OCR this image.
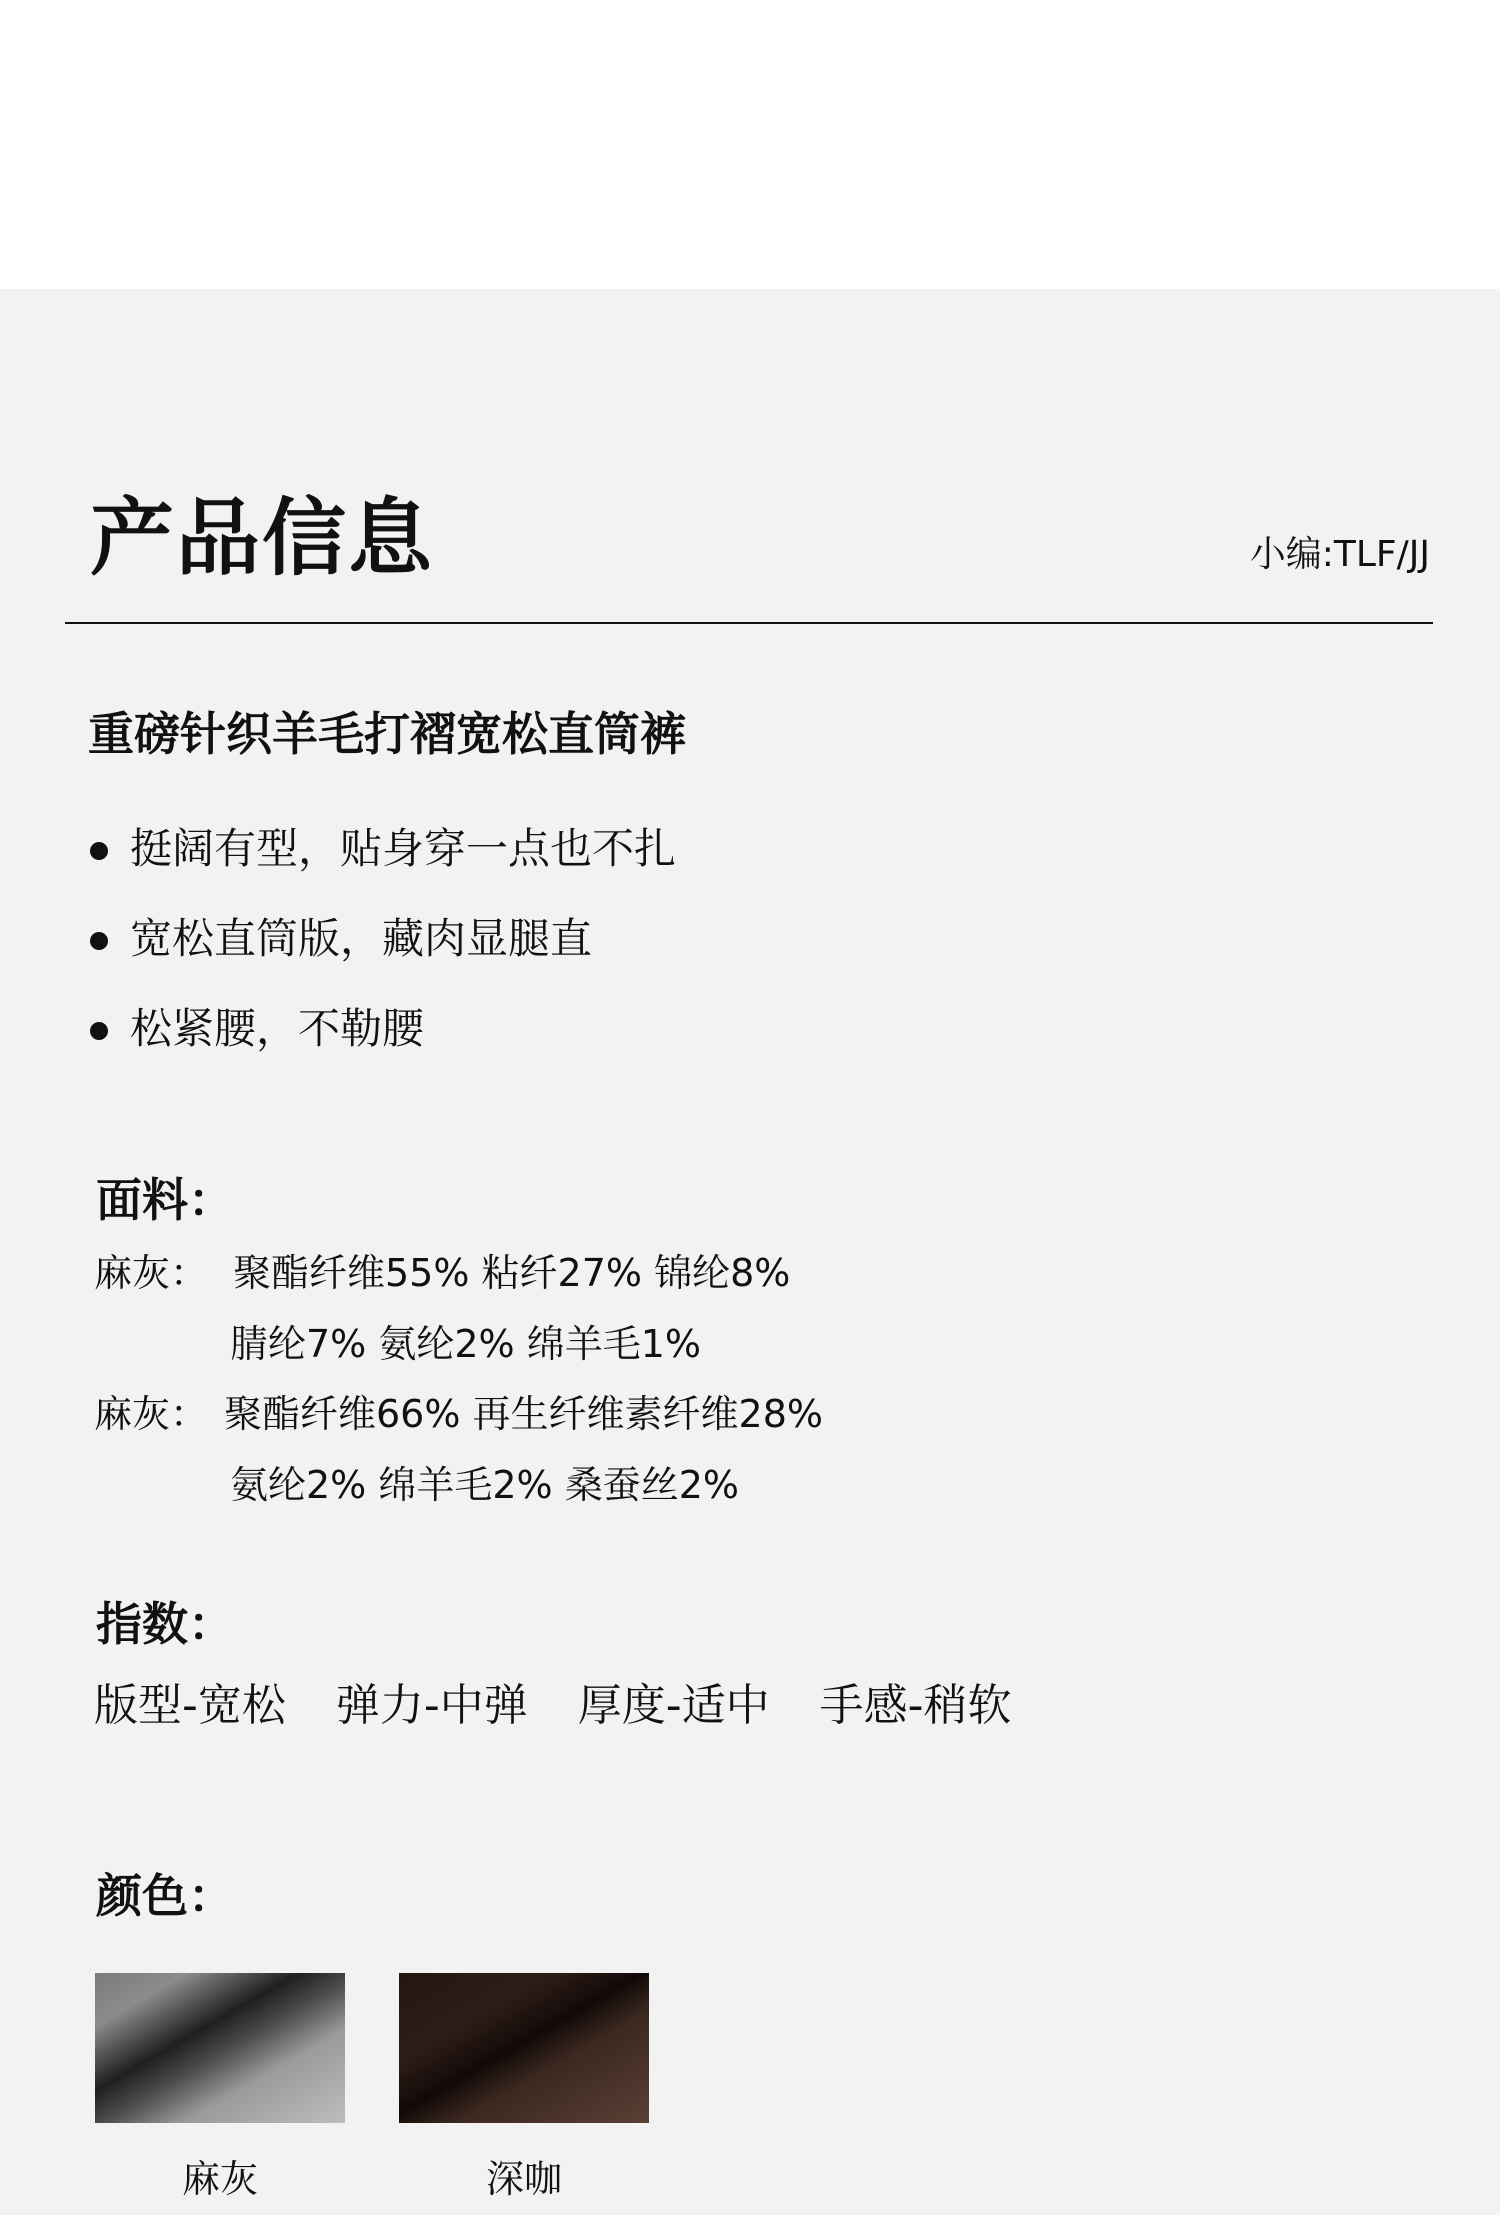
产品信息	小编:TLF/JJ
重磅针织羊毛打褶宽松直筒裤
挺阔有型，贴身穿一点也不扎
宽松直筒版，藏肉显腿直
松紧腰，不勒腰
面料：
麻灰： 聚酯纤维55% 粘纤27% 锦纶8%
腈纶7% 氨纶2% 绵羊毛1%
麻灰： 聚酯纤维66% 再生纤维素纤维28%
氨纶2% 绵羊毛2% 桑蚕丝2%
指数：
版型-宽松 弹力-中弹 厚度-适中 手感-稍软
颜色：
麻灰	深咖
